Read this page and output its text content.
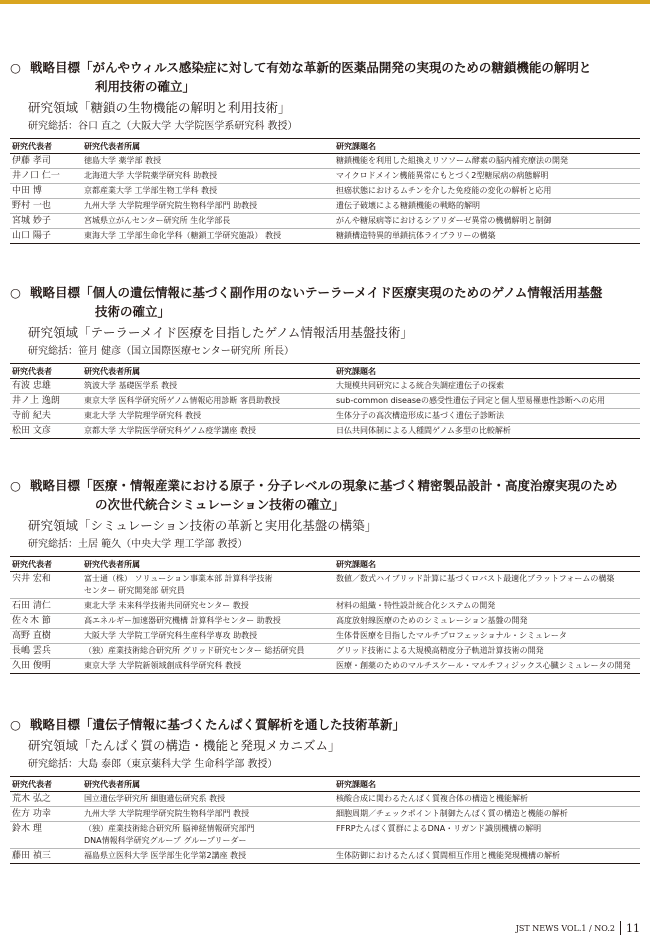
○ 戦略目標「がんやウィルス感染症に対して有効な革新的医薬品開発の実現のための糖鎖機能の解明と
利用技術の確立」
研究領域「糖鎖の生物機能の解明と利用技術」
研究総括：谷口 直之（大阪大学 大学院医学系研究科 教授）
研究代表者	研究代表者所属	研究課題名
伊藤 孝司	徳島大学 薬学部 教授	糖鎖機能を利用した組換えリソソーム酵素の脳内補充療法の開発
井ノ口 仁一	北海道大学 大学院薬学研究科 助教授	マイクロドメイン機能異常にもとづく2型糖尿病の病態解明
中田 博	京都産業大学 工学部生物工学科 教授	担癌状態におけるムチンを介した免疫能の変化の解析と応用
野村 一也	九州大学 大学院理学研究院生物科学部門 助教授	遺伝子破壊による糖鎖機能の戦略的解明
宮城 妙子	宮城県立がんセンター研究所 生化学部長	がんや糖尿病等におけるシアリダーゼ異常の機構解明と制御
山口 陽子	東海大学 工学部生命化学科（糖鎖工学研究施設） 教授	糖鎖構造特異的単鎖抗体ライブラリーの構築
○ 戦略目標「個人の遺伝情報に基づく副作用のないテーラーメイド医療実現のためのゲノム情報活用基盤
技術の確立」
研究領域「テーラーメイド医療を目指したゲノム情報活用基盤技術」
研究総括：笹月 健彦（国立国際医療センター研究所 所長）
研究代表者	研究代表者所属	研究課題名
有波 忠雄	筑波大学 基礎医学系 教授	大規模共同研究による統合失調症遺伝子の探索
井ノ上 逸朗	東京大学 医科学研究所ゲノム情報応用診断 客員助教授	sub-common diseaseの感受性遺伝子同定と個人型易罹患性診断への応用
寺前 紀夫	東北大学 大学院理学研究科 教授	生体分子の高次構造形成に基づく遺伝子診断法
松田 文彦	京都大学 大学院医学研究科ゲノム疫学講座 教授	日仏共同体制による人種間ゲノム多型の比較解析
○ 戦略目標「医療・情報産業における原子・分子レベルの現象に基づく精密製品設計・高度治療実現のため
の次世代統合シミュレーション技術の確立」
研究領域「シミュレーション技術の革新と実用化基盤の構築」
研究総括：土居 範久（中央大学 理工学部 教授）
研究代表者	研究代表者所属	研究課題名
宍井 宏和	富士通（株） ソリューション事業本部 計算科学技術
センター 研究開発部 研究員	数値／数式ハイブリッド計算に基づくロバスト最適化プラットフォームの構築
石田 清仁	東北大学 未来科学技術共同研究センター 教授	材料の組織・特性設計統合化システムの開発
佐々木 節	高エネルギー加速器研究機構 計算科学センター 助教授	高度放射線医療のためのシミュレーション基盤の開発
高野 直樹	大阪大学 大学院工学研究科生産科学専攻 助教授	生体骨医療を目指したマルチプロフェッショナル・シミュレータ
長嶋 雲兵	（独）産業技術総合研究所 グリッド研究センター 総括研究員	グリッド技術による大規模高精度分子軌道計算技術の開発
久田 俊明	東京大学 大学院新領域創成科学研究科 教授	医療・創薬のためのマルチスケール・マルチフィジックス心臓シミュレータの開発
○ 戦略目標「遺伝子情報に基づくたんぱく質解析を通した技術革新」
研究領域「たんぱく質の構造・機能と発現メカニズム」
研究総括：大島 泰郎（東京薬科大学 生命科学部 教授）
研究代表者	研究代表者所属	研究課題名
荒木 弘之	国立遺伝学研究所 細胞遺伝研究系 教授	核酸合成に関わるたんぱく質複合体の構造と機能解析
佐方 功幸	九州大学 大学院理学研究院生物科学部門 教授	細胞周期／チェックポイント制御たんぱく質の構造と機能の解析
鈴木 理	（独）産業技術総合研究所 脳神経情報研究部門
DNA情報科学研究グループ グループリーダー	FFRPたんぱく質群によるDNA・リガンド識別機構の解明
藤田 禎三	福島県立医科大学 医学部生化学第2講座 教授	生体防御におけるたんぱく質間相互作用と機能発現機構の解析
JST NEWS VOL.1 / NO.2 11
